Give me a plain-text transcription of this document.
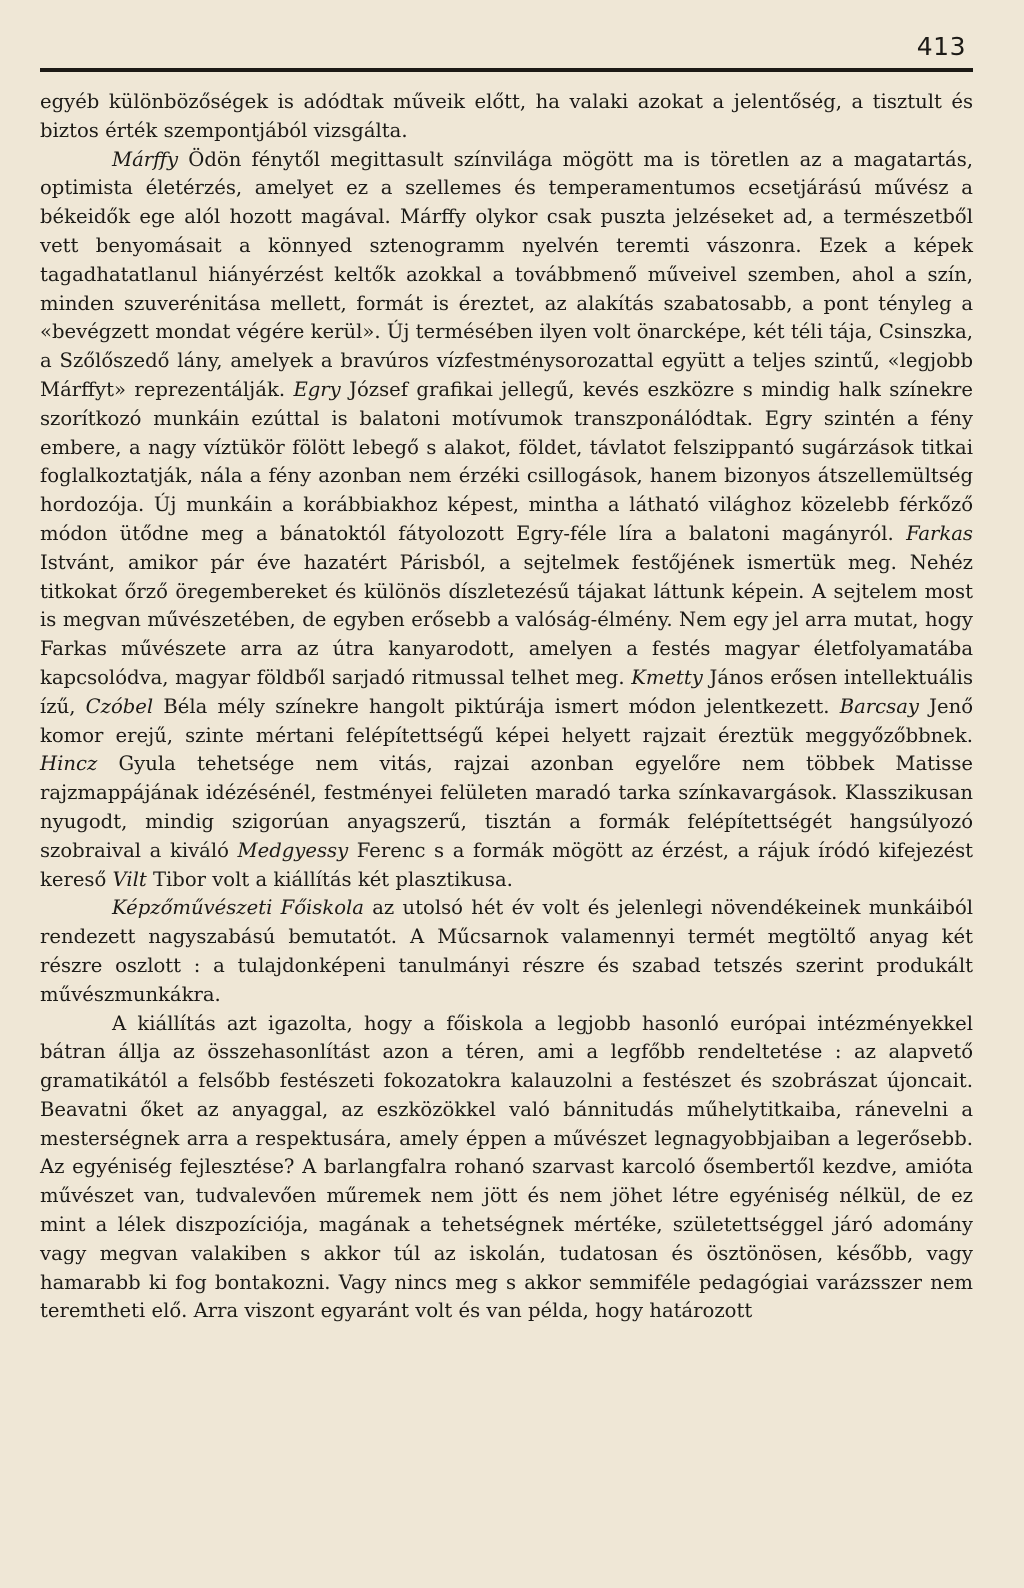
413

egyéb különbözőségek is adódtak műveik előtt, ha valaki azokat a jelentőség, a tisztult és biztos érték szempontjából vizsgálta.

Márffy Ödön fénytől megittasult színvilága mögött ma is töretlen az a magatartás, optimista életérzés, amelyet ez a szellemes és temperamentumos ecsetjárású művész a békeidők ege alól hozott magával. Márffy olykor csak puszta jelzéseket ad, a természetből vett benyomásait a könnyed sztenogramm nyelvén teremti vászonra. Ezek a képek tagadhatatlanul hiányérzést keltők azokkal a továbbmenő műveivel szemben, ahol a szín, minden szuverénitása mellett, formát is éreztet, az alakítás szabatosabb, a pont tényleg a «bevégzett mondat végére kerül». Új termésében ilyen volt önarcképe, két téli tája, Csinszka, a Szőlőszedő lány, amelyek a bravúros vízfestménysorozattal együtt a teljes szintű, «legjobb Márffyt» reprezentálják. Egry József grafikai jellegű, kevés eszközre s mindig halk színekre szorítkozó munkáin ezúttal is balatoni motívumok transzponálódtak. Egry szintén a fény embere, a nagy víztükör fölött lebegő s alakot, földet, távlatot felszippantó sugárzások titkai foglalkoztatják, nála a fény azonban nem érzéki csillogások, hanem bizonyos átszellemültség hordozója. Új munkáin a korábbiakhoz képest, mintha a látható világhoz közelebb férkőző módon ütődne meg a bánatoktól fátyolozott Egry-féle líra a balatoni magányról. Farkas Istvánt, amikor pár éve hazatért Párisból, a sejtelmek festőjének ismertük meg. Nehéz titkokat őrző öregembereket és különös díszletezésű tájakat láttunk képein. A sejtelem most is megvan művészetében, de egyben erősebb a valóság-élmény. Nem egy jel arra mutat, hogy Farkas művészete arra az útra kanyarodott, amelyen a festés magyar életfolyamatába kapcsolódva, magyar földből sarjadó ritmussal telhet meg. Kmetty János erősen intellektuális ízű, Czóbel Béla mély színekre hangolt piktúrája ismert módon jelentkezett. Barcsay Jenő komor erejű, szinte mértani felépítettségű képei helyett rajzait éreztük meggyőzőbbnek. Hincz Gyula tehetsége nem vitás, rajzai azonban egyelőre nem többek Matisse rajzmappájának idézésénél, festményei felületen maradó tarka színkavargások. Klasszikusan nyugodt, mindig szigorúan anyagszerű, tisztán a formák felépítettségét hangsúlyozó szobraival a kiváló Medgyessy Ferenc s a formák mögött az érzést, a rájuk íródó kifejezést kereső Vilt Tibor volt a kiállítás két plasztikusa.

Képzőművészeti Főiskola az utolsó hét év volt és jelenlegi növendékeinek munkáiból rendezett nagyszabású bemutatót. A Műcsarnok valamennyi termét megtöltő anyag két részre oszlott : a tulajdonképeni tanulmányi részre és szabad tetszés szerint produkált művészmunkákra.

A kiállítás azt igazolta, hogy a főiskola a legjobb hasonló európai intézményekkel bátran állja az összehasonlítást azon a téren, ami a legfőbb rendeltetése : az alapvető gramatikától a felsőbb festészeti fokozatokra kalauzolni a festészet és szobrászat újoncait. Beavatni őket az anyaggal, az eszközökkel való bánnitudás műhelytitkaiba, ránevelni a mesterségnek arra a respektusára, amely éppen a művészet legnagyobbjaiban a legerősebb. Az egyéniség fejlesztése? A barlangfalra rohanó szarvast karcoló ősembertől kezdve, amióta művészet van, tudvalevően műremek nem jött és nem jöhet létre egyéniség nélkül, de ez mint a lélek diszpozíciója, magának a tehetségnek mértéke, születettséggel járó adomány vagy megvan valakiben s akkor túl az iskolán, tudatosan és ösztönösen, később, vagy hamarabb ki fog bontakozni. Vagy nincs meg s akkor semmiféle pedagógiai varázsszer nem teremtheti elő. Arra viszont egyaránt volt és van példa, hogy határozott
